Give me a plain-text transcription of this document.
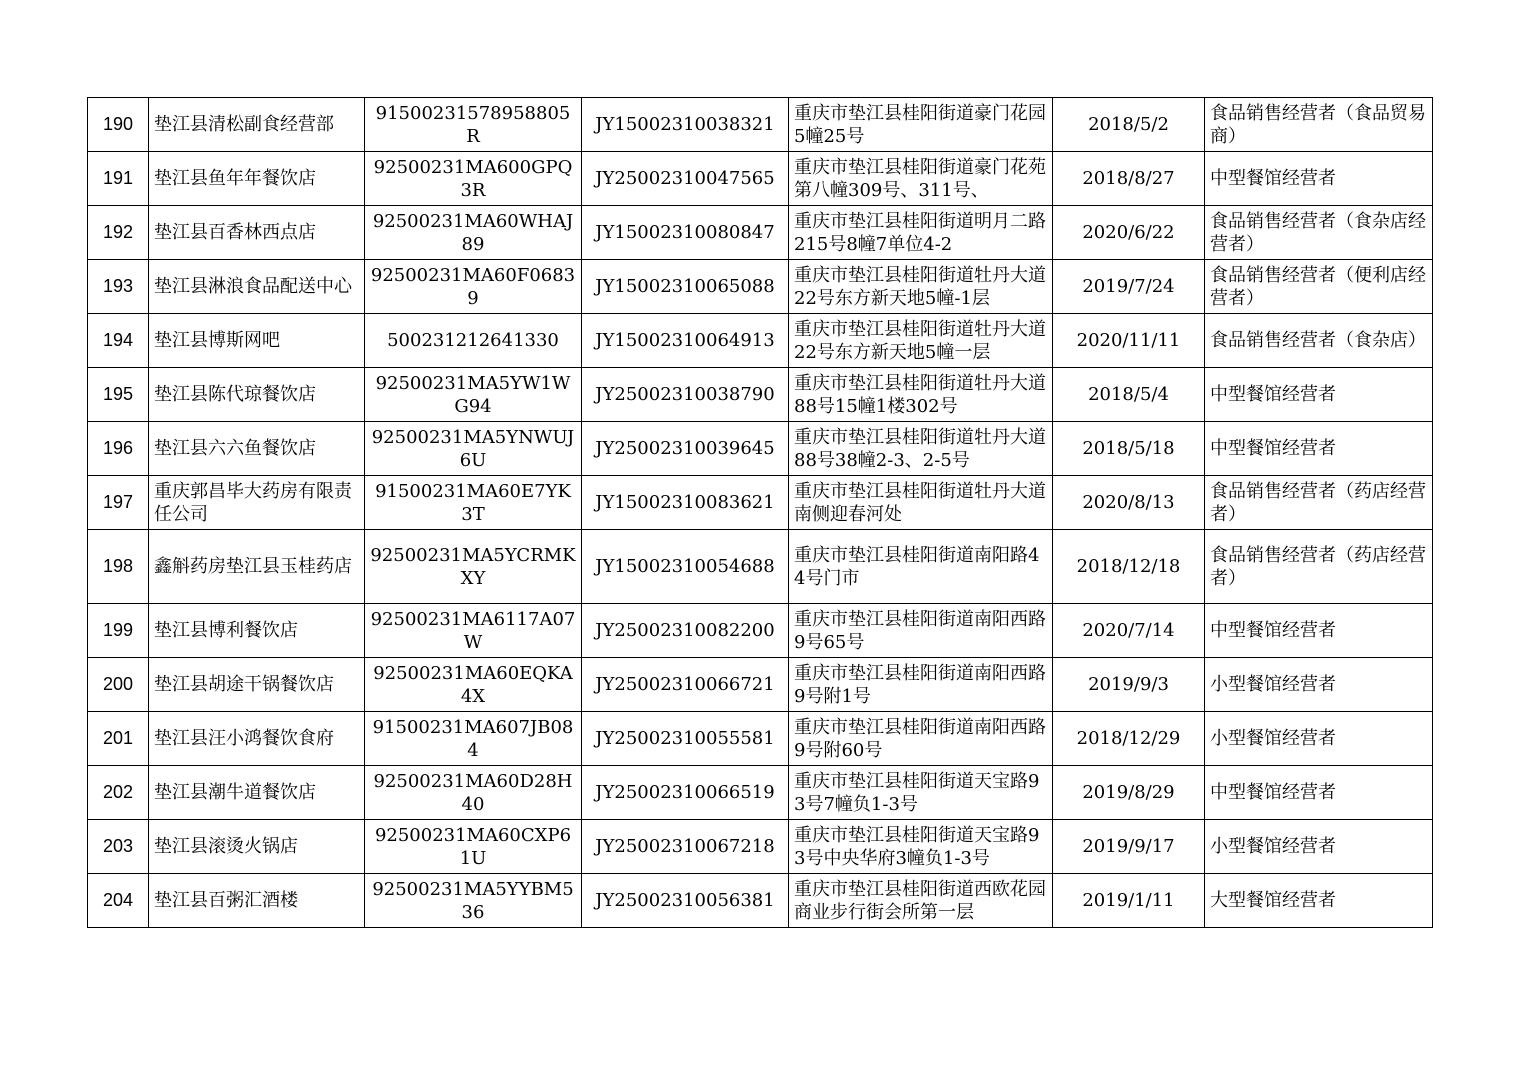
190	垫江县清松副食经营部	91500231578958805R	JY15002310038321	重庆市垫江县桂阳街道豪门花园5幢25号	2018/5/2	食品销售经营者（食品贸易商）
191	垫江县鱼年年餐饮店	92500231MA600GPQ3R	JY25002310047565	重庆市垫江县桂阳街道豪门花苑第八幢309号、311号、	2018/8/27	中型餐馆经营者
192	垫江县百香林西点店	92500231MA60WHAJ89	JY15002310080847	重庆市垫江县桂阳街道明月二路215号8幢7单位4-2	2020/6/22	食品销售经营者（食杂店经营者）
193	垫江县淋浪食品配送中心	92500231MA60F06839	JY15002310065088	重庆市垫江县桂阳街道牡丹大道22号东方新天地5幢-1层	2019/7/24	食品销售经营者（便利店经营者）
194	垫江县博斯网吧	500231212641330	JY15002310064913	重庆市垫江县桂阳街道牡丹大道22号东方新天地5幢一层	2020/11/11	食品销售经营者（食杂店）
195	垫江县陈代琼餐饮店	92500231MA5YW1WG94	JY25002310038790	重庆市垫江县桂阳街道牡丹大道88号15幢1楼302号	2018/5/4	中型餐馆经营者
196	垫江县六六鱼餐饮店	92500231MA5YNWUJ6U	JY25002310039645	重庆市垫江县桂阳街道牡丹大道88号38幢2-3、2-5号	2018/5/18	中型餐馆经营者
197	重庆郭昌毕大药房有限责任公司	91500231MA60E7YK3T	JY15002310083621	重庆市垫江县桂阳街道牡丹大道南侧迎春河处	2020/8/13	食品销售经营者（药店经营者）
198	鑫斛药房垫江县玉桂药店	92500231MA5YCRMKXY	JY15002310054688	重庆市垫江县桂阳街道南阳路44号门市	2018/12/18	食品销售经营者（药店经营者）
199	垫江县博利餐饮店	92500231MA6117A07W	JY25002310082200	重庆市垫江县桂阳街道南阳西路9号65号	2020/7/14	中型餐馆经营者
200	垫江县胡途干锅餐饮店	92500231MA60EQKA4X	JY25002310066721	重庆市垫江县桂阳街道南阳西路9号附1号	2019/9/3	小型餐馆经营者
201	垫江县汪小鸿餐饮食府	91500231MA607JB084	JY25002310055581	重庆市垫江县桂阳街道南阳西路9号附60号	2018/12/29	小型餐馆经营者
202	垫江县潮牛道餐饮店	92500231MA60D28H40	JY25002310066519	重庆市垫江县桂阳街道天宝路93号7幢负1-3号	2019/8/29	中型餐馆经营者
203	垫江县滚烫火锅店	92500231MA60CXP61U	JY25002310067218	重庆市垫江县桂阳街道天宝路93号中央华府3幢负1-3号	2019/9/17	小型餐馆经营者
204	垫江县百粥汇酒楼	92500231MA5YYBM536	JY25002310056381	重庆市垫江县桂阳街道西欧花园商业步行街会所第一层	2019/1/11	大型餐馆经营者
